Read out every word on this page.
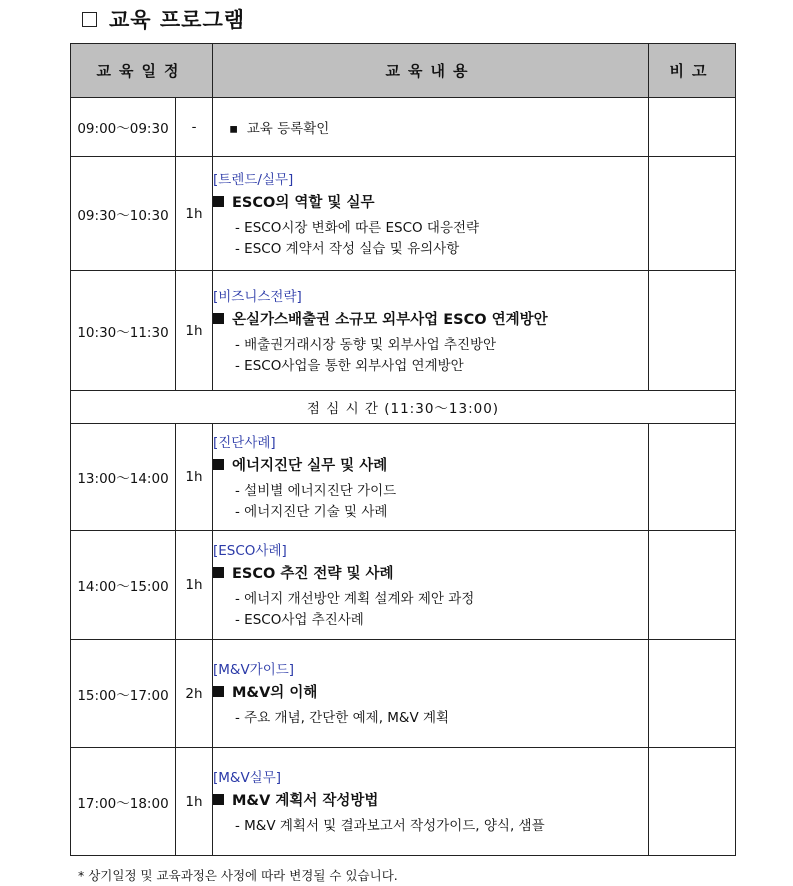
교육 프로그램
교육일정		교육내용	비고
09:00～09:30	-	▪ 교육 등록확인	
09:30～10:30	1h	[트렌드/실무]
ESCO의 역할 및 실무
- ESCO시장 변화에 따른 ESCO 대응전략
- ESCO 계약서 작성 실습 및 유의사항	

10:30～11:30	1h	[비즈니스전략]
온실가스배출권 소규모 외부사업 ESCO 연계방안
- 배출권거래시장 동향 및 외부사업 추진방안
- ESCO사업을 통한 외부사업 연계방안	

점 심 시 간 (11:30～13:00)			
13:00～14:00	1h	[진단사례]
에너지진단 실무 및 사례
- 설비별 에너지진단 가이드
- 에너지진단 기술 및 사례	

14:00～15:00	1h	[ESCO사례]
ESCO 추진 전략 및 사례
- 에너지 개선방안 계획 설계와 제안 과정
- ESCO사업 추진사례	

15:00～17:00	2h	[M&V가이드]
M&V의 이해
- 주요 개념, 간단한 예제, M&V 계획	

17:00～18:00	1h	[M&V실무]
M&V 계획서 작성방법
- M&V 계획서 및 결과보고서 작성가이드, 양식, 샘플	

* 상기일정 및 교육과정은 사정에 따라 변경될 수 있습니다.
